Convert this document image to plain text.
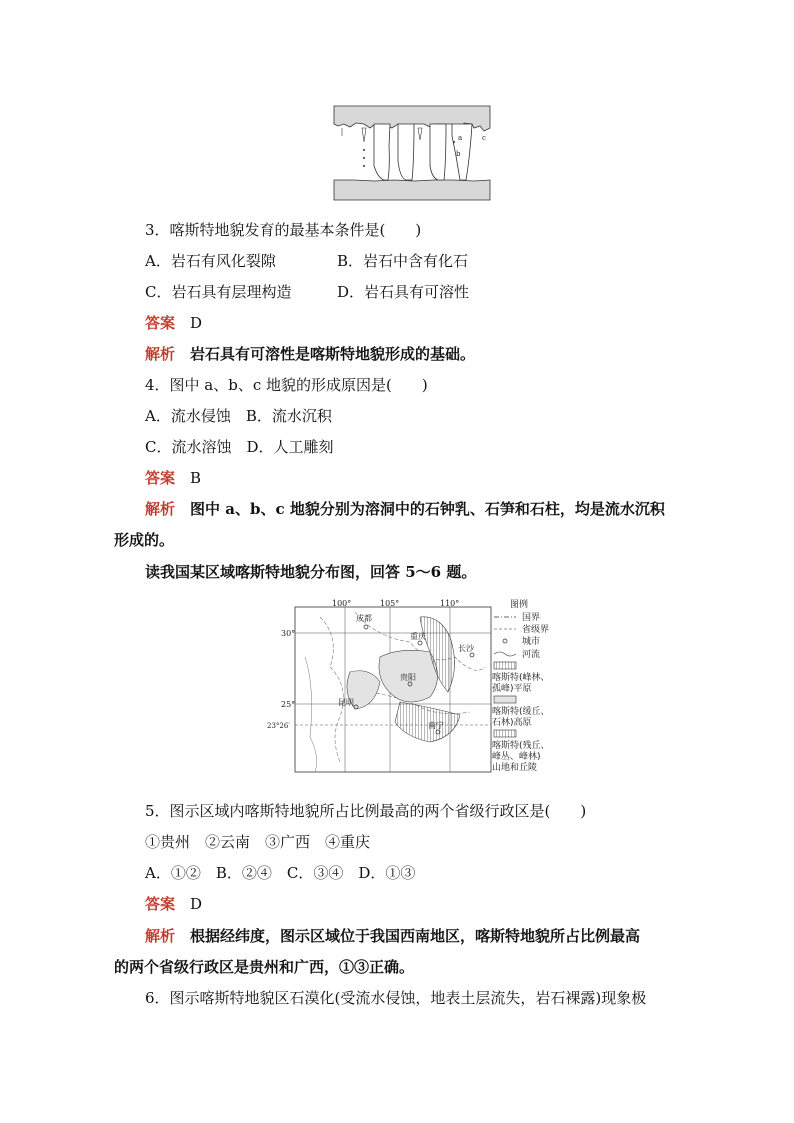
a
b
c
3．喀斯特地貌发育的最基本条件是(　　)
A．岩石有风化裂隙	B．岩石中含有化石
C．岩石具有层理构造	D．岩石具有可溶性
答案　 D
解析　 岩石具有可溶性是喀斯特地貌形成的基础。
4．图中 a、b、c 地貌的形成原因是(　　)
A．流水侵蚀　B．流水沉积
C．流水溶蚀　D．人工雕刻
答案　 B
解析　 图中 a、b、c 地貌分别为溶洞中的石钟乳、石笋和石柱，均是流水沉积
形成的。
读我国某区域喀斯特地貌分布图，回答 5～6 题。
100°	105°	110°
30°
25°
23°26′
成都
重庆
长沙
贵阳
昆明
南宁
图例
国界
省级界
城市
河流
喀斯特(峰林、
孤峰)平原
喀斯特(缓丘、
石林)高原
喀斯特(残丘、
峰丛、峰林)
山地和丘陵
5．图示区域内喀斯特地貌所占比例最高的两个省级行政区是(　　)
①贵州　②云南　③广西　④重庆
A．①②　B．②④　C．③④　D．①③
答案　 D
解析　 根据经纬度，图示区域位于我国西南地区，喀斯特地貌所占比例最高
的两个省级行政区是贵州和广西，①③正确。
6．图示喀斯特地貌区石漠化(受流水侵蚀，地表土层流失，岩石裸露)现象极
